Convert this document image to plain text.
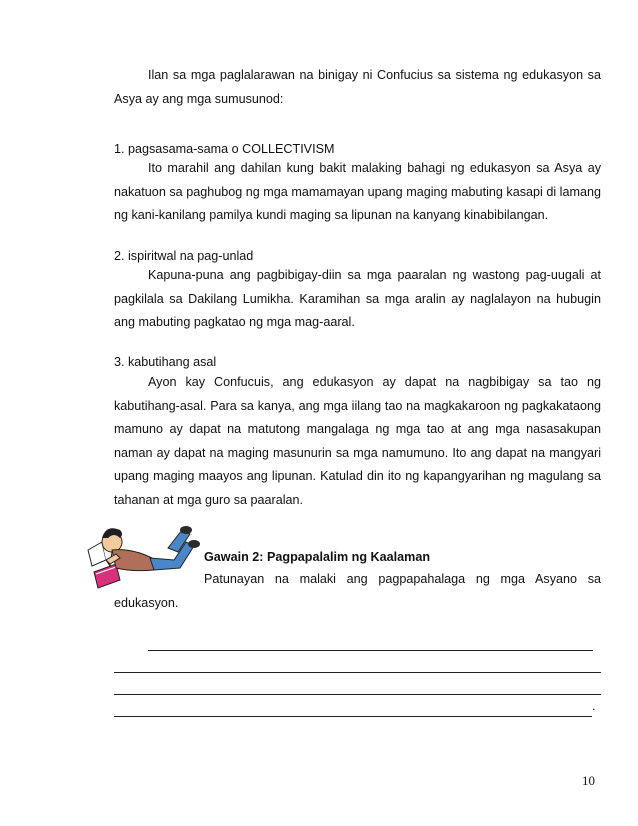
Ilan sa mga paglalarawan na binigay ni Confucius sa sistema ng edukasyon sa Asya ay ang mga sumusunod:
1. pagsasama-sama o COLLECTIVISM
Ito marahil ang dahilan kung bakit malaking bahagi ng edukasyon sa Asya ay nakatuon sa paghubog ng mga mamamayan upang maging mabuting kasapi di lamang ng kani-kanilang pamilya kundi maging sa lipunan na kanyang kinabibilangan.
2. ispiritwal na pag-unlad
Kapuna-puna ang pagbibigay-diin sa mga paaralan ng wastong pag-uugali at pagkilala sa Dakilang Lumikha. Karamihan sa mga aralin ay naglalayon na hubugin ang mabuting pagkatao ng mga mag-aaral.
3. kabutihang asal
Ayon kay Confucuis, ang edukasyon ay dapat na nagbibigay sa tao ng kabutihang-asal. Para sa kanya, ang mga iilang tao na magkakaroon ng pagkakataong mamuno ay dapat na matutong mangalaga ng mga tao at ang mga nasasakupan naman ay dapat na maging masunurin sa mga namumuno. Ito ang dapat na mangyari upang maging maayos ang lipunan. Katulad din ito ng kapangyarihan ng magulang sa tahanan at mga guro sa paaralan.
Gawain 2: Pagpapalalim ng Kaalaman
Patunayan na malaki ang pagpapahalaga ng mga Asyano sa edukasyon.
.
10
